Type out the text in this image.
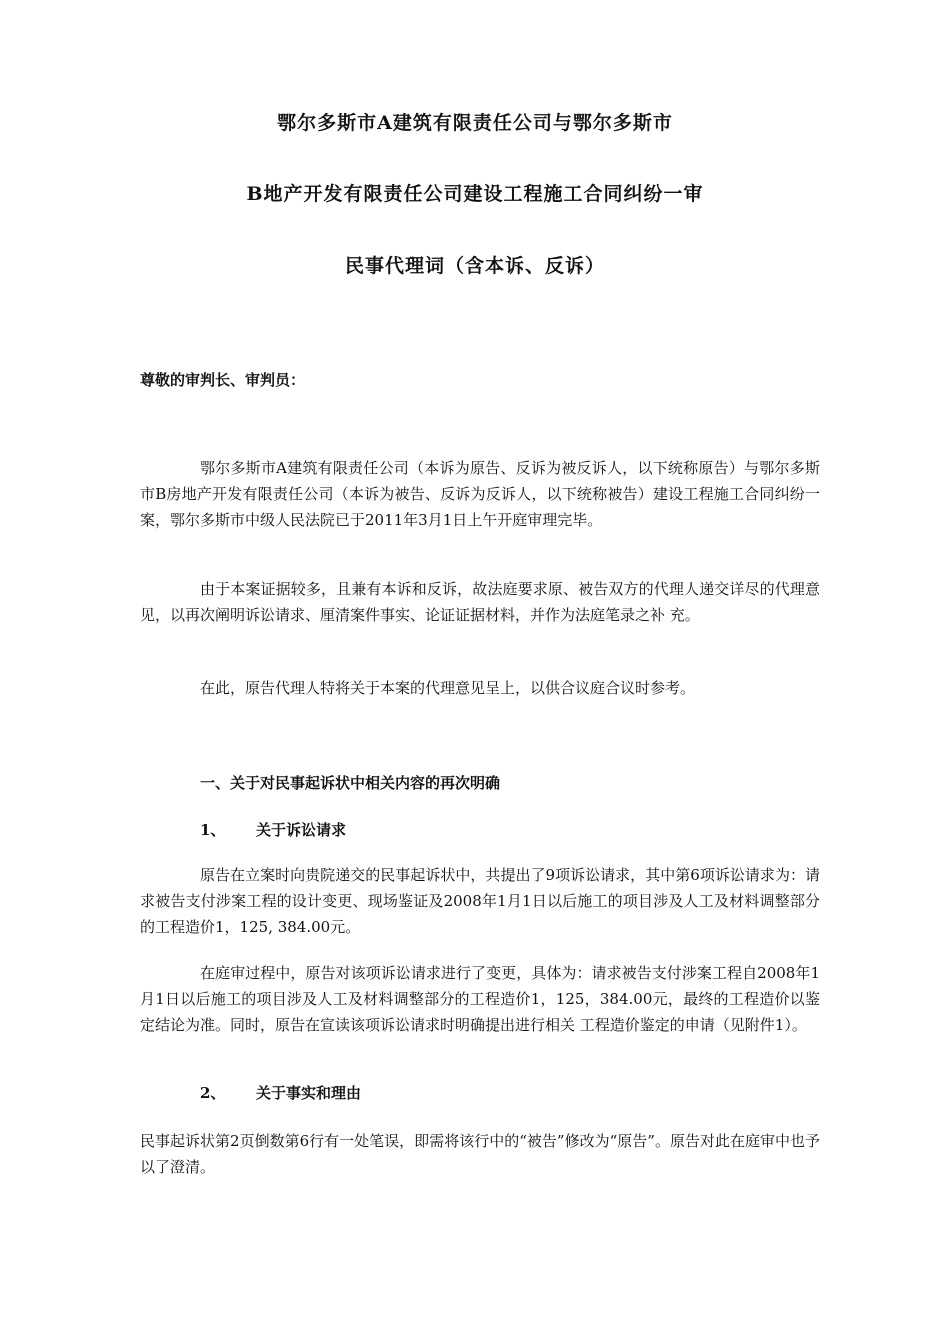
鄂尔多斯市A建筑有限责任公司与鄂尔多斯市
B地产开发有限责任公司建设工程施工合同纠纷一审
民事代理词（含本诉、反诉）
尊敬的审判长、审判员：
鄂尔多斯市A建筑有限责任公司（本诉为原告、反诉为被反诉人，以下统称原告）与鄂尔多斯市B房地产开发有限责任公司（本诉为被告、反诉为反诉人，以下统称被告）建设工程施工合同纠纷一案，鄂尔多斯市中级人民法院已于2011年3月1日上午开庭审理完毕。
由于本案证据较多，且兼有本诉和反诉，故法庭要求原、被告双方的代理人递交详尽的代理意见，以再次阐明诉讼请求、厘清案件事实、论证证据材料，并作为法庭笔录之补 充。
在此，原告代理人特将关于本案的代理意见呈上，以供合议庭合议时参考。
一、关于对民事起诉状中相关内容的再次明确
1、 关于诉讼请求
原告在立案时向贵院递交的民事起诉状中，共提出了9项诉讼请求，其中第6项诉讼请求为：请求被告支付涉案工程的设计变更、现场鉴证及2008年1月1日以后施工的项目涉及人工及材料调整部分的工程造价1，125, 384.00元。
在庭审过程中，原告对该项诉讼请求进行了变更，具体为：请求被告支付涉案工程自2008年1月1日以后施工的项目涉及人工及材料调整部分的工程造价1，125，384.00元，最终的工程造价以鉴定结论为准。同时，原告在宣读该项诉讼请求时明确提出进行相关 工程造价鉴定的申请（见附件1）。
2、 关于事实和理由
民事起诉状第2页倒数第6行有一处笔误，即需将该行中的“被告”修改为“原告”。原告对此在庭审中也予以了澄清。
